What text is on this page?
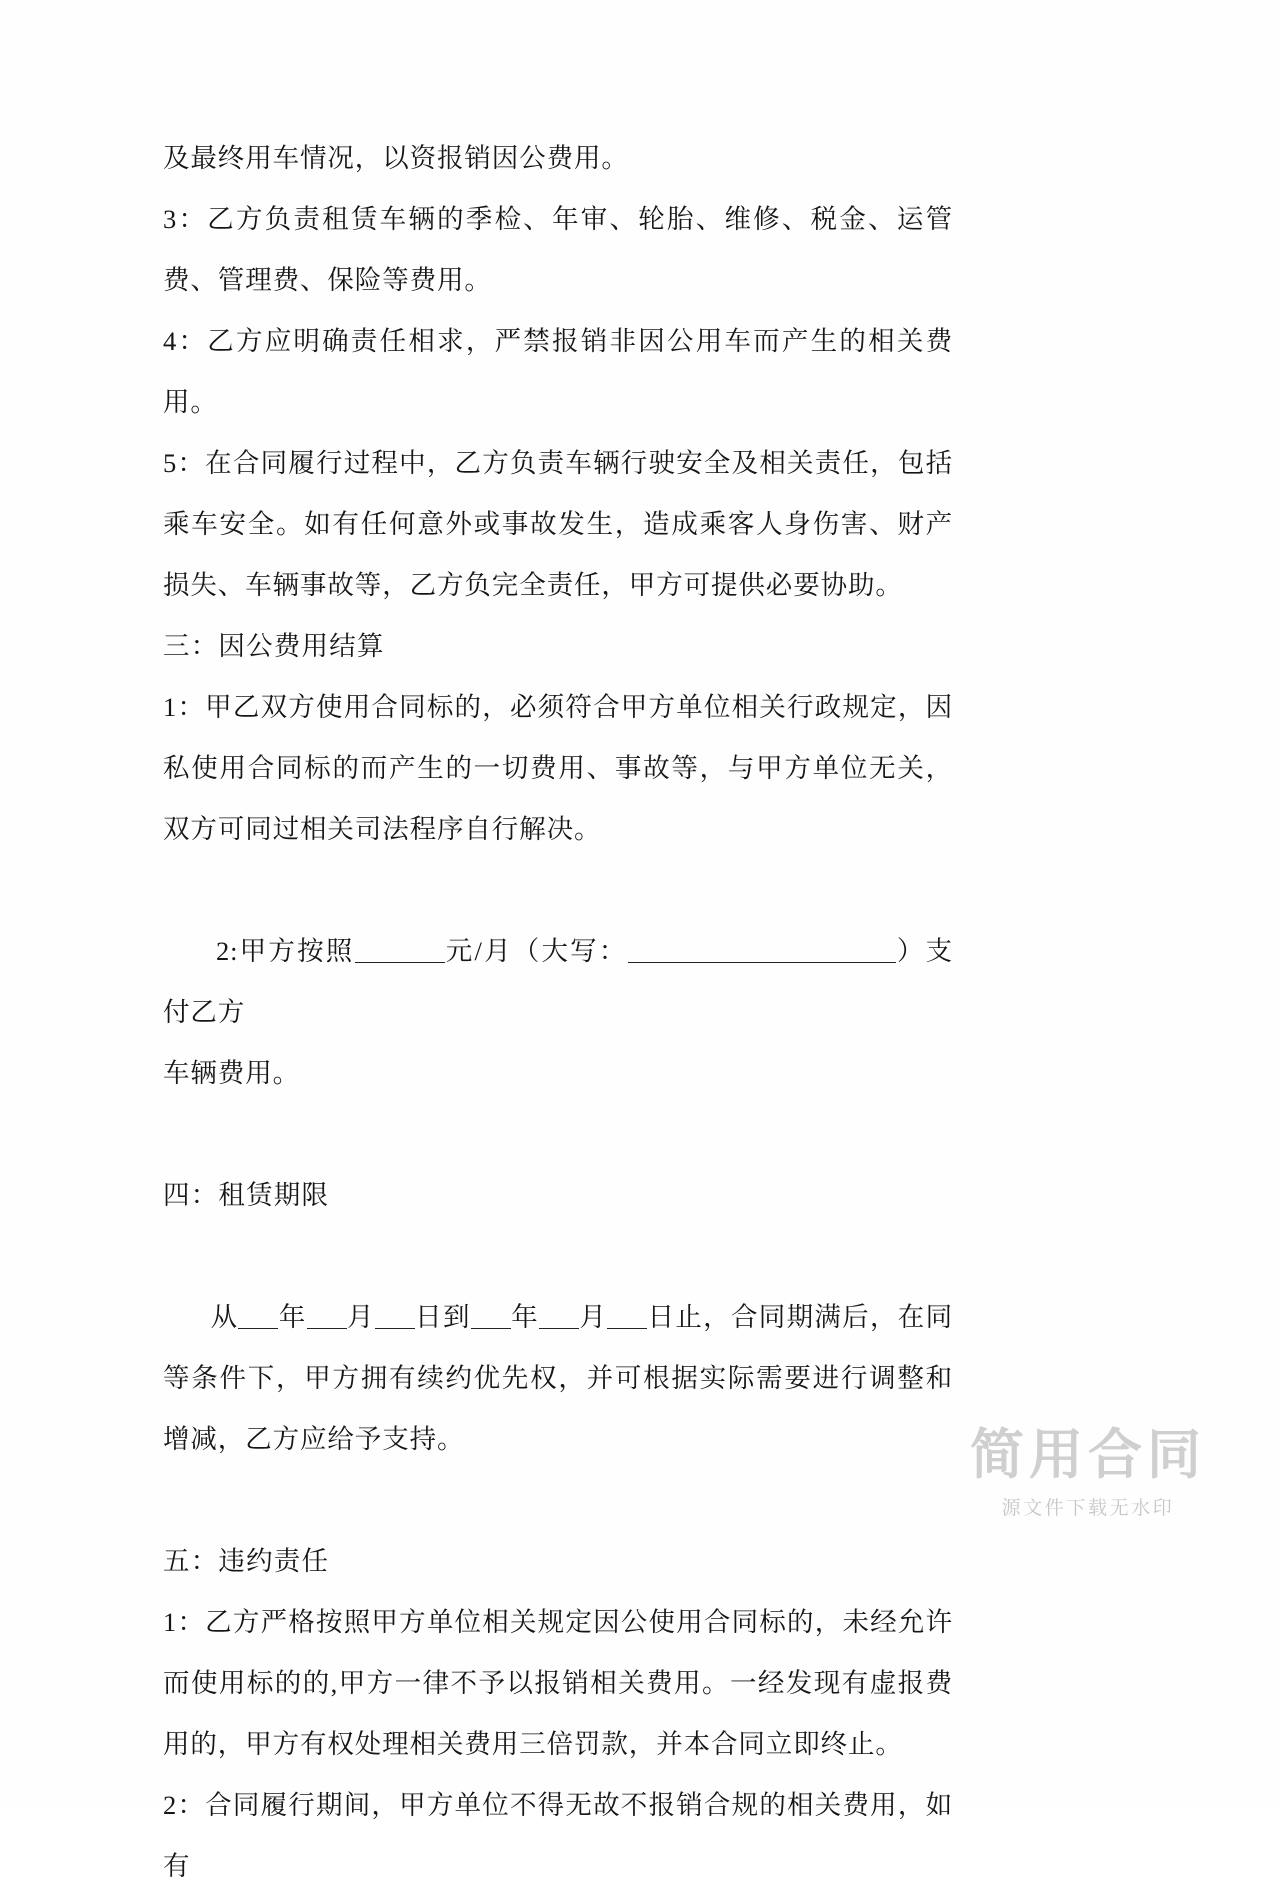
及最终用车情况，以资报销因公费用。

3：乙方负责租赁车辆的季检、年审、轮胎、维修、税金、运管费、管理费、保险等费用。

4：乙方应明确责任相求，严禁报销非因公用车而产生的相关费用。

5：在合同履行过程中，乙方负责车辆行驶安全及相关责任，包括乘车安全。如有任何意外或事故发生，造成乘客人身伤害、财产损失、车辆事故等，乙方负完全责任，甲方可提供必要协助。

三：因公费用结算

1：甲乙双方使用合同标的，必须符合甲方单位相关行政规定，因私使用合同标的而产生的一切费用、事故等，与甲方单位无关，双方可同过相关司法程序自行解决。

2:甲方按照	元/月（大写：	）支付乙方
车辆费用。

四：租赁期限

从 年 月 日到 年 月 日止，合同期满后，在同等条件下，甲方拥有续约优先权，并可根据实际需要进行调整和增减，乙方应给予支持。

五：违约责任

1：乙方严格按照甲方单位相关规定因公使用合同标的，未经允许而使用标的的,甲方一律不予以报销相关费用。一经发现有虚报费用的，甲方有权处理相关费用三倍罚款，并本合同立即终止。

2：合同履行期间，甲方单位不得无故不报销合规的相关费用，如有

简用合同
源文件下载无水印
